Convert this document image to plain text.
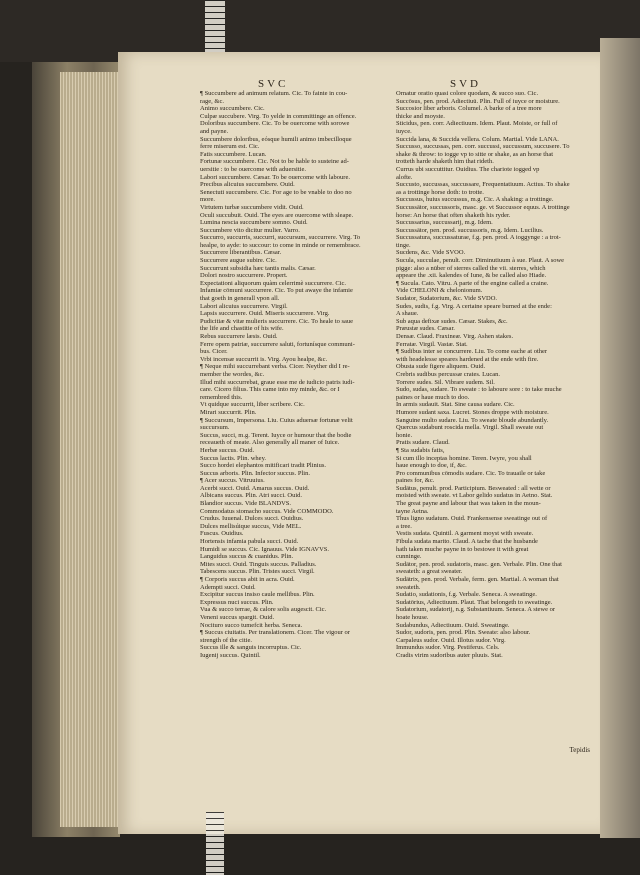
SVC	SVD
¶ Succumbere ad animum relatum. Cic. To fainte in cou-
rage, &c.
Animo succumbere. Cic.
Culpæ succubere. Virg. To yelde in committinge an offence.
Doloribus succumbere. Cic. To be ouercome with sorowe
and payne.
Succumbere doloribus, eósque humili animo imbecilloque
ferre miserum est. Cic.
Fatis succumbere. Lucan.
Fortunæ succumbere. Cic. Not to be hable to susteine ad-
uersitie : to be ouercome with aduersitie.
Labori succumbere. Cæsar. To be ouercome with laboure.
Precibus alicuius succumbere. Ouid.
Senectuti succumbere. Cic. For age to be vnable to doo no
more.
Virtutem turbæ succumbere vidit. Ouid.
Oculi succubuit. Ouid. The eyes are ouercome with sleape.
Lumina nescia succumbere somno. Ouid.
Succumbere vito dicitur mulier. Varro.
Succurro, succurris, succurri, succursum, succurrere. Virg. To
healpe, to ayde: to succour: to come in minde or remembrace.
Succurrere liberantibus. Cæsar.
Succurrere augue subire. Cic.
Succurrunt subsidia hæc tantis malis. Cæsar.
Dolori nostro succurrere. Propert.
Expectationi aliquorum quàm celerrimè succurrere. Cic.
Infamiæ cōmuni succurrere. Cic. To put awaye the infamie
that goeth in generall vpon all.
Labori alicuius succurrere. Virgil.
Lapsis succurrere. Ouid. Miseris succurrere. Virg.
Pudicitiæ & vitæ mulieris succurrere. Cic. To heale to saue
the life and chastitie of his wife.
Rebus succurrere læsis. Ouid.
Ferre opem patriæ, succurrere saluti, fortunísque communi-
bus. Cicer.
Vrbi incensæ succurrit is. Virg. Ayou healpe, &c.
¶ Neque mihi succurrebant verba. Cicer. Neyther did I re-
member the wordes, &c.
Illud mihi succurrebat, graue esse me de iudicio patris iudi-
care. Cicero filius. This came into my minde, &c. or I
remembred this.
Vt quidque succurrit, liber scribere. Cic.
Mirari succurrit. Plin.
¶ Succursum, Impersona. Liu. Cuius aduersæ fortunæ velit
succursum.
Succus, succi, m.g. Terent. Iuyce or humour that the bodie
receaueth of meate. Also generally all maner of Iuice.
Herbæ succus. Ouid.
Succus lactis. Plin. whey.
Succo hordei elephantos mitificari tradit Plinius.
Succus arboris. Plin. Infector succus. Plin.
¶ Acer succus. Vitruuius.
Acerbi succi. Ouid. Amarus succus. Ouid.
Albicans succus. Plin. Atri succi. Ouid.
Blandior succus. Vide BLANDVS.
Commodatus stomacho succus. Vide COMMODO.
Crudus. Iuuenal. Dulces succi. Ouidius.
Dulces mellisúique succus, Vide MEL.
Fuscus. Ouidius.
Hortensis infamia pabula succi. Ouid.
Humidi se succus. Cic. Ignauus. Vide IGNAVVS.
Languidus succus & cuanidus. Plin.
Mites succi. Ouid. Tinguis succus. Palladius.
Tabescens succus. Plin. Tristes succi. Virgil.
¶ Corporis succus abit in acra. Ouid.
Adempti succi. Ouid.
Excipitur succus insiso caule mellibus. Plin.
Expressus nuci succus. Plin.
Vua & succo terrae, & calore solis augescit. Cic.
Veneni succus spargit. Ouid.
Nocituro succo tumefcit herba. Seneca.
¶ Succus ciuitatis. Per translationem. Cicer. The vigour or
strength of the citie.
Succus ille & sanguis incorruptus. Cic.
Iugenij succus. Quintil.
Ornatur oratio quasi colore quodam, & succo suo. Cic.
Succōsus, pen. prod. Adiectiuū. Plin. Full of iuyce or moisture.
Succosior liber arboris. Columel. A barke of a tree more
thicke and moyste.
Sticidus, pen. corr. Adiectiuum. Idem. Plaut. Moiste, or full of
iuyce.
Succida lana, & Succida vellera. Colum. Martial. Vide LANA.
Succusso, succussas, pen. corr. succussi, succussum, succusere. To
shake & throw: to iogge vp to sitte or shake, as an horse that
trotteth harde shaketh him that rideth.
Currus ubi succuttitur. Ouidius. The chariote iogged vp
alofte.
Succusto, succussas, succussare, Frequentatiuum. Actius. To shake
as a trottinge horse doth: to trotte.
Succussus, huius succussus, m.g. Cic. A shaking: a trottinge.
Succussātor, succussoris, masc. ge. vt Succussor equus. A trottinge
horse: An horse that often shaketh his ryder.
Succussarius, succussarij, m.g. Idem.
Succussātor, pen. prod. succussoris, m.g. Idem. Lucilius.
Succussatura, succussaturae, f.g. pen. prod. A ioggynge : a trot-
tinge.
Sucdens, &c. Vide SVOO.
Sucula, succulae, penult. corr. Diminutiuum à sue. Plaut. A sowe
pigge: also a nūber of sterres called the vii. sterres, which
appeare the .xii. kalendes of Iune, & be called also Hiade.
¶ Sucula. Cato. Vitru. A parte of the engine called a craine.
Vide CHELONI & chelonionum.
Sudator, Sudatorium, &c. Vide SVDO.
Sudes, sudis, f.g. Virg. A certaine speare burned at the ende:
A shaue.
Sub aqua defixæ sudes. Cæsar. Stakes, &c.
Præustæ sudes. Cæsar.
Densæ. Claud. Fraxineæ. Virg. Ashen stakes.
Ferratæ. Virgil. Vastæ. Stat.
¶ Sudibus inter se concurrere. Liu. To come eache at other
with headelesse speares hardened at the ende with fire.
Obusta sude figere aliquem. Ouid.
Crebris sudibus percussæ crates. Lucan.
Torrere sudes. Sil. Vibrare sudem. Sil.
Sudo, sudas, sudare. To sweate : to laboure sore : to take muche
paines or haue much to doo.
In armis sudauit. Stat. Sine causa sudare. Cic.
Humore sudant saxa. Lucret. Stones droppe with moisture.
Sanguine multo sudare. Liu. To sweate bloude abundantly.
Quercus sudabunt roscida mella. Virgil. Shall sweate out
honie.
Pratis sudare. Claud.
¶ Sta sudabis fatis,
Si cum illo inceptas homine. Teren. Iwyre, you shall
haue enough to doe, if, &c.
Pro communibus cōmodis sudare. Cic. To trauaile or take
paines for, &c.
Sudātus, penult. prod. Participium. Besweated : all wette or
moisted with sweate. vt Labor gelido sudatus in Aetno. Stat.
The great payne and labour that was taken in the moun-
tayne Aetna.
Thus ligno sudatum. Ouid. Frankensense sweatinge out of
a tree.
Vestis sudata. Quintil. A garment moyst with sweate.
Fibula sudata marito. Claud. A tache that the husbande
hath taken muche payne in to bestowe it with great
cunninge.
Sudātor, pen. prod. sudatoris, masc. gen. Verbale. Plin. One that
sweateth: a great sweater.
Sudātrix, pen. prod. Verbale, ferm. gen. Martial. A woman that
sweateth.
Sudatio, sudationis, f.g. Verbale. Seneca. A sweatinge.
Sudatōrius, Adiectiuum. Plaut. That belongeth to sweatinge.
Sudatorium, sudatorij, n.g. Substantiuum. Seneca. A stewe or
hoate house.
Sudabundus, Adiectiuum. Ouid. Sweatinge.
Sudor, sudoris, pen. prod. Plin. Sweate: also labour.
Carpaleus sudor. Ouid. Illotus sudor. Virg.
Immundus sudor. Virg. Pestiferus. Cels.
Cradis virim sudoribus auter pluuis. Stat.
Tepidis
